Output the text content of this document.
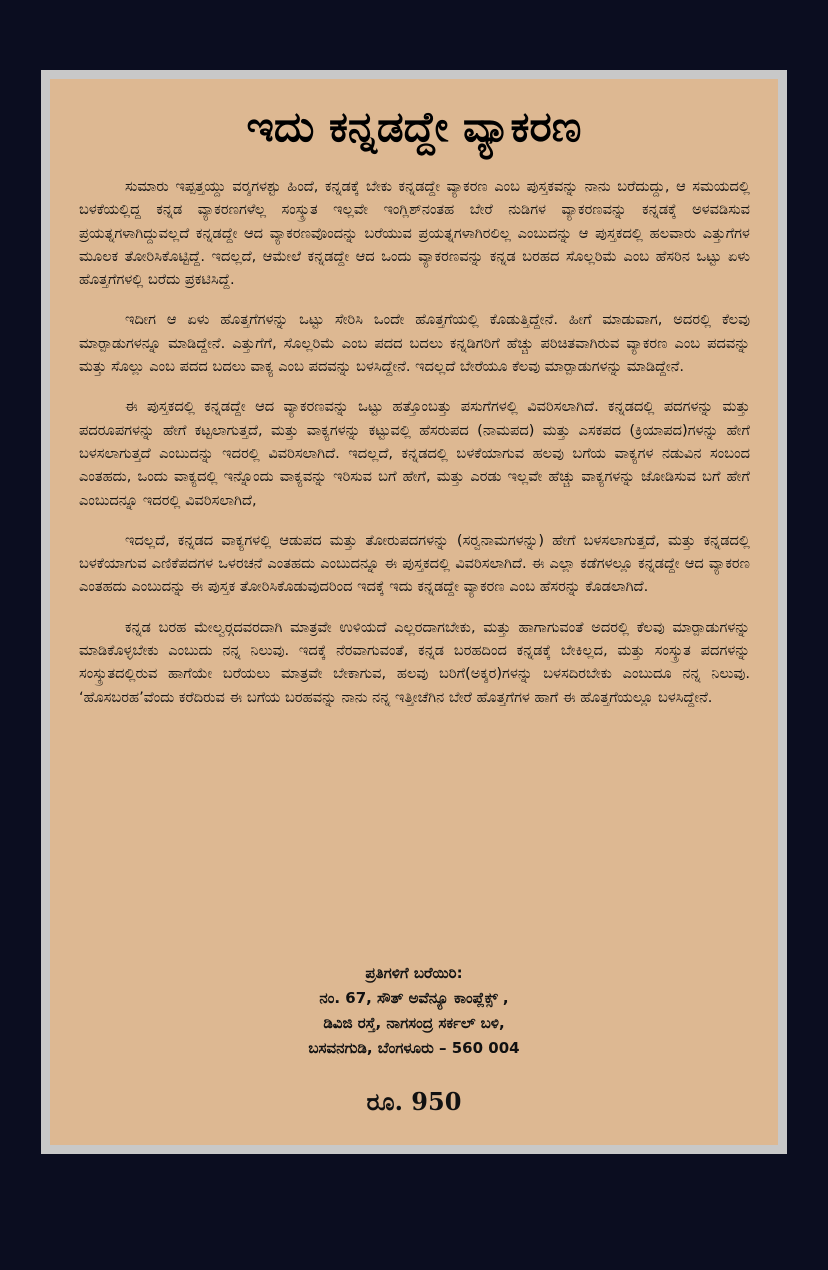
ಇದು ಕನ್ನಡದ್ದೇ ವ್ಯಾಕರಣ

ಸುಮಾರು ಇಪ್ಪತ್ತಯ್ದು ವರ್‍ಶಗಳಶ್ಟು ಹಿಂದೆ, ಕನ್ನಡಕ್ಕೆ ಬೇಕು ಕನ್ನಡದ್ದೇ ವ್ಯಾಕರಣ ಎಂಬ ಪುಸ್ತಕವನ್ನು ನಾನು ಬರೆದುದ್ದು, ಆ ಸಮಯದಲ್ಲಿ ಬಳಕೆಯಲ್ಲಿದ್ದ ಕನ್ನಡ ವ್ಯಾಕರಣಗಳೆಲ್ಲ ಸಂಸ್ಕ್ರುತ ಇಲ್ಲವೇ ಇಂಗ್ಲಿಶ್‌ನಂತಹ ಬೇರೆ ನುಡಿಗಳ ವ್ಯಾಕರಣವನ್ನು ಕನ್ನಡಕ್ಕೆ ಅಳವಡಿಸುವ ಪ್ರಯತ್ನಗಳಾಗಿದ್ದುವಲ್ಲದೆ ಕನ್ನಡದ್ದೇ ಆದ ವ್ಯಾಕರಣವೊಂದನ್ನು ಬರೆಯುವ ಪ್ರಯತ್ನಗಳಾಗಿರಲಿಲ್ಲ ಎಂಬುದನ್ನು ಆ ಪುಸ್ತಕದಲ್ಲಿ ಹಲವಾರು ಎತ್ತುಗೆಗಳ ಮೂಲಕ ತೋರಿಸಿಕೊಟ್ಟಿದ್ದೆ. ಇದಲ್ಲದೆ, ಆಮೇಲೆ ಕನ್ನಡದ್ದೇ ಆದ ಒಂದು ವ್ಯಾಕರಣವನ್ನು ಕನ್ನಡ ಬರಹದ ಸೊಲ್ಲರಿಮೆ ಎಂಬ ಹೆಸರಿನ ಒಟ್ಟು ಏಳು ಹೊತ್ತಗೆಗಳಲ್ಲಿ ಬರೆದು ಪ್ರಕಟಿಸಿದ್ದೆ.

ಇದೀಗ ಆ ಏಳು ಹೊತ್ತಗೆಗಳನ್ನು ಒಟ್ಟು ಸೇರಿಸಿ ಒಂದೇ ಹೊತ್ತಗೆಯಲ್ಲಿ ಕೊಡುತ್ತಿದ್ದೇನೆ. ಹೀಗೆ ಮಾಡುವಾಗ, ಅದರಲ್ಲಿ ಕೆಲವು ಮಾರ್‍ಪಾಡುಗಳನ್ನೂ ಮಾಡಿದ್ದೇನೆ. ಎತ್ತುಗೆಗೆ, ಸೊಲ್ಲರಿಮೆ ಎಂಬ ಪದದ ಬದಲು ಕನ್ನಡಿಗರಿಗೆ ಹೆಚ್ಚು ಪರಿಚಿತವಾಗಿರುವ ವ್ಯಾಕರಣ ಎಂಬ ಪದವನ್ನು ಮತ್ತು ಸೊಲ್ಲು ಎಂಬ ಪದದ ಬದಲು ವಾಕ್ಯ ಎಂಬ ಪದವನ್ನು ಬಳಸಿದ್ದೇನೆ. ಇದಲ್ಲದೆ ಬೇರೆಯೂ ಕೆಲವು ಮಾರ್‍ಪಾಡುಗಳನ್ನು ಮಾಡಿದ್ದೇನೆ.

ಈ ಪುಸ್ತಕದಲ್ಲಿ ಕನ್ನಡದ್ದೇ ಆದ ವ್ಯಾಕರಣವನ್ನು ಒಟ್ಟು ಹತ್ತೊಂಬತ್ತು ಪಸುಗೆಗಳಲ್ಲಿ ವಿವರಿಸಲಾಗಿದೆ. ಕನ್ನಡದಲ್ಲಿ ಪದಗಳನ್ನು ಮತ್ತು ಪದರೂಪಗಳನ್ನು ಹೇಗೆ ಕಟ್ಟಲಾಗುತ್ತದೆ, ಮತ್ತು ವಾಕ್ಯಗಳನ್ನು ಕಟ್ಟುವಲ್ಲಿ ಹೆಸರುಪದ (ನಾಮಪದ) ಮತ್ತು ಎಸಕಪದ (ಕ್ರಿಯಾಪದ)ಗಳನ್ನು ಹೇಗೆ ಬಳಸಲಾಗುತ್ತದೆ ಎಂಬುದನ್ನು ಇದರಲ್ಲಿ ವಿವರಿಸಲಾಗಿದೆ. ಇದಲ್ಲದೆ, ಕನ್ನಡದಲ್ಲಿ ಬಳಕೆಯಾಗುವ ಹಲವು ಬಗೆಯ ವಾಕ್ಯಗಳ ನಡುವಿನ ಸಂಬಂದ ಎಂತಹದು, ಒಂದು ವಾಕ್ಯದಲ್ಲಿ ಇನ್ನೊಂದು ವಾಕ್ಯವನ್ನು ಇರಿಸುವ ಬಗೆ ಹೇಗೆ, ಮತ್ತು ಎರಡು ಇಲ್ಲವೇ ಹೆಚ್ಚು ವಾಕ್ಯಗಳನ್ನು ಜೋಡಿಸುವ ಬಗೆ ಹೇಗೆ ಎಂಬುದನ್ನೂ ಇದರಲ್ಲಿ ವಿವರಿಸಲಾಗಿದೆ,

ಇದಲ್ಲದೆ, ಕನ್ನಡದ ವಾಕ್ಯಗಳಲ್ಲಿ ಆಡುಪದ ಮತ್ತು ತೋರುಪದಗಳನ್ನು (ಸರ್‍ವನಾಮಗಳನ್ನು) ಹೇಗೆ ಬಳಸಲಾಗುತ್ತದೆ, ಮತ್ತು ಕನ್ನಡದಲ್ಲಿ ಬಳಕೆಯಾಗುವ ಎಣಿಕೆಪದಗಳ ಒಳರಚನೆ ಎಂತಹದು ಎಂಬುದನ್ನೂ ಈ ಪುಸ್ತಕದಲ್ಲಿ ವಿವರಿಸಲಾಗಿದೆ. ಈ ಎಲ್ಲಾ ಕಡೆಗಳಲ್ಲೂ ಕನ್ನಡದ್ದೇ ಆದ ವ್ಯಾಕರಣ ಎಂತಹದು ಎಂಬುದನ್ನು ಈ ಪುಸ್ತಕ ತೋರಿಸಿಕೊಡುವುದರಿಂದ ಇದಕ್ಕೆ ಇದು ಕನ್ನಡದ್ದೇ ವ್ಯಾಕರಣ ಎಂಬ ಹೆಸರನ್ನು ಕೊಡಲಾಗಿದೆ.

ಕನ್ನಡ ಬರಹ ಮೇಲ್ವರ್‍ಗದವರದಾಗಿ ಮಾತ್ರವೇ ಉಳಿಯದೆ ಎಲ್ಲರದಾಗಬೇಕು, ಮತ್ತು ಹಾಗಾಗುವಂತೆ ಅದರಲ್ಲಿ ಕೆಲವು ಮಾರ್‍ಪಾಡುಗಳನ್ನು ಮಾಡಿಕೊಳ್ಳಬೇಕು ಎಂಬುದು ನನ್ನ ನಿಲುವು. ಇದಕ್ಕೆ ನೆರವಾಗುವಂತೆ, ಕನ್ನಡ ಬರಹದಿಂದ ಕನ್ನಡಕ್ಕೆ ಬೇಕಿಲ್ಲದ, ಮತ್ತು ಸಂಸ್ಕ್ರುತ ಪದಗಳನ್ನು ಸಂಸ್ಕ್ರುತದಲ್ಲಿರುವ ಹಾಗೆಯೇ ಬರೆಯಲು ಮಾತ್ರವೇ ಬೇಕಾಗುವ, ಹಲವು ಬರಿಗೆ(ಅಕ್ಶರ)ಗಳನ್ನು ಬಳಸದಿರಬೇಕು ಎಂಬುದೂ ನನ್ನ ನಿಲುವು. ‘ಹೊಸಬರಹ’ವೆಂದು ಕರೆದಿರುವ ಈ ಬಗೆಯ ಬರಹವನ್ನು ನಾನು ನನ್ನ ಇತ್ತೀಚೆಗಿನ ಬೇರೆ ಹೊತ್ತಗೆಗಳ ಹಾಗೆ ಈ ಹೊತ್ತಗೆಯಲ್ಲೂ ಬಳಸಿದ್ದೇನೆ.

ಪ್ರತಿಗಳಿಗೆ ಬರೆಯಿರಿ:
ನಂ. 67, ಸೌತ್ ಅವೆನ್ಯೂ ಕಾಂಪ್ಲೆಕ್ಸ್ ,
ಡಿವಿಜಿ ರಸ್ತೆ, ನಾಗಸಂದ್ರ ಸರ್ಕಲ್ ಬಳಿ,
ಬಸವನಗುಡಿ, ಬೆಂಗಳೂರು – 560 004
ರೂ. 950
